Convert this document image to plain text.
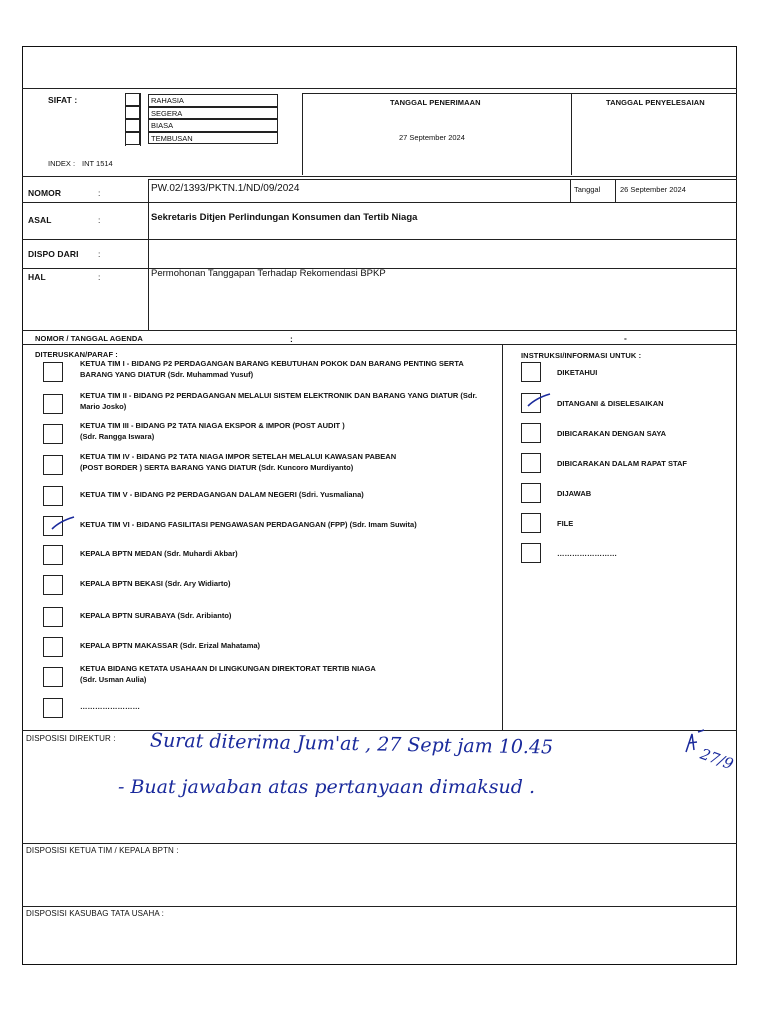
SIFAT :	RAHASIA
SEGERA
BIASA
TEMBUSAN
INDEX : INT 1514
TANGGAL PENERIMAAN
27 September 2024
TANGGAL PENYELESAIAN
NOMOR	:	PW.02/1393/PKTN.1/ND/09/2024	Tanggal	26 September 2024
ASAL	:	Sekretaris Ditjen Perlindungan Konsumen dan Tertib Niaga
DISPO DARI :
HAL	:	Permohonan Tanggapan Terhadap Rekomendasi BPKP
NOMOR / TANGGAL AGENDA	:	-
DITERUSKAN/PARAF :	INSTRUKSI/INFORMASI UNTUK :
KETUA TIM I - BIDANG P2 PERDAGANGAN BARANG KEBUTUHAN POKOK DAN BARANG PENTING SERTA
BARANG YANG DIATUR (Sdr. Muhammad Yusuf)
KETUA TIM II - BIDANG P2 PERDAGANGAN MELALUI SISTEM ELEKTRONIK DAN BARANG YANG DIATUR (Sdr.
Mario Josko)
KETUA TIM III - BIDANG P2 TATA NIAGA EKSPOR & IMPOR (POST AUDIT )
(Sdr. Rangga Iswara)
KETUA TIM IV - BIDANG P2 TATA NIAGA IMPOR SETELAH MELALUI KAWASAN PABEAN
(POST BORDER ) SERTA BARANG YANG DIATUR (Sdr. Kuncoro Murdiyanto)
KETUA TIM V - BIDANG P2 PERDAGANGAN DALAM NEGERI (Sdri. Yusmaliana)
KETUA TIM VI - BIDANG FASILITASI PENGAWASAN PERDAGANGAN (FPP) (Sdr. Imam Suwita)
KEPALA BPTN MEDAN (Sdr. Muhardi Akbar)
KEPALA BPTN BEKASI (Sdr. Ary Widiarto)
KEPALA BPTN SURABAYA (Sdr. Aribianto)
KEPALA BPTN MAKASSAR (Sdr. Erizal Mahatama)
KETUA BIDANG KETATA USAHAAN DI LINGKUNGAN DIREKTORAT TERTIB NIAGA
(Sdr. Usman Aulia)
……………………
DIKETAHUI
DITANGANI & DISELESAIKAN
DIBICARAKAN DENGAN SAYA
DIBICARAKAN DALAM RAPAT STAF
DIJAWAB
FILE
……………………
DISPOSISI DIREKTUR : Surat diterima Jum'at , 27 Sept jam 10.45
- Buat jawaban atas pertanyaan dimaksud .
27/9
DISPOSISI KETUA TIM / KEPALA BPTN :
DISPOSISI KASUBAG TATA USAHA :
